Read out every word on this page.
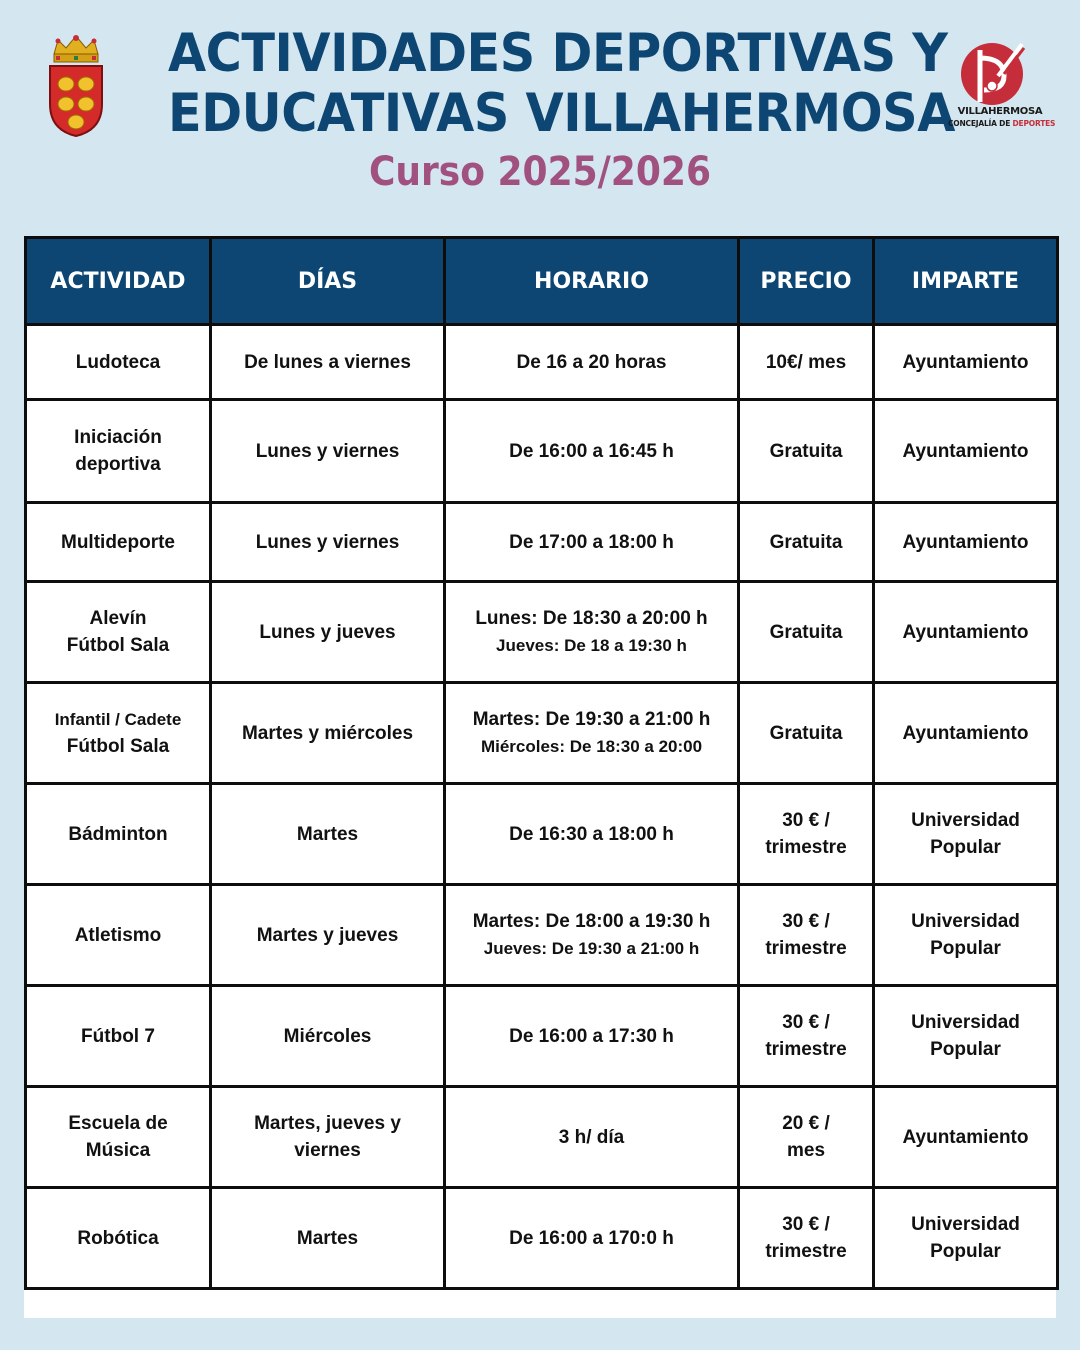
ACTIVIDADES DEPORTIVAS Y
EDUCATIVAS VILLAHERMOSA
Curso 2025/2026
VILLAHERMOSA
CONCEJALÍA DE DEPORTES
ACTIVIDAD	DÍAS	HORARIO	PRECIO	IMPARTE

Ludoteca	De lunes a viernes	De 16 a 20 horas	10€/ mes	Ayuntamiento

Iniciación
deportiva	Lunes y viernes	De 16:00 a 16:45 h	Gratuita	Ayuntamiento

Multideporte	Lunes y viernes	De 17:00 a 18:00 h	Gratuita	Ayuntamiento

Alevín
Fútbol Sala	Lunes y jueves	Lunes: De 18:30 a 20:00 h
Jueves: De 18 a 19:30 h	Gratuita	Ayuntamiento

Infantil / Cadete
Fútbol Sala	Martes y miércoles	Martes: De 19:30 a 21:00 h
Miércoles: De 18:30 a 20:00	Gratuita	Ayuntamiento

Bádminton	Martes	De 16:30 a 18:00 h	30 € /
trimestre	Universidad
Popular

Atletismo	Martes y jueves	Martes: De 18:00 a 19:30 h
Jueves: De 19:30 a 21:00 h	30 € /
trimestre	Universidad
Popular

Fútbol 7	Miércoles	De 16:00 a 17:30 h	30 € /
trimestre	Universidad
Popular

Escuela de
Música	Martes, jueves y
viernes	3 h/ día	20 € /
mes	Ayuntamiento

Robótica	Martes	De 16:00 a 170:0 h	30 € /
trimestre	Universidad
Popular
